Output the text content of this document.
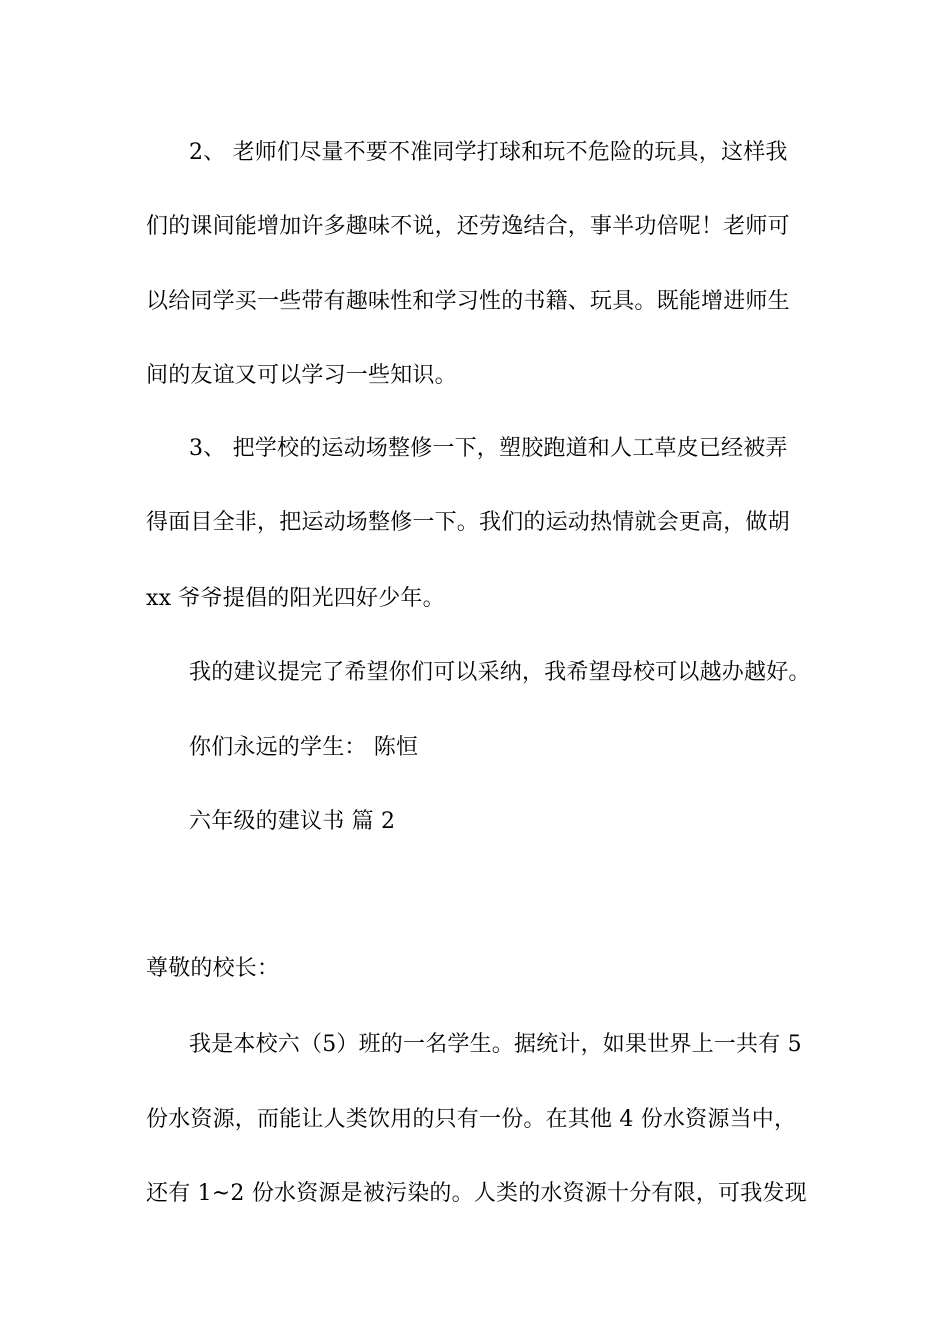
2、 老师们尽量不要不准同学打球和玩不危险的玩具，这样我
们的课间能增加许多趣味不说，还劳逸结合，事半功倍呢！老师可
以给同学买一些带有趣味性和学习性的书籍、玩具。既能增进师生
间的友谊又可以学习一些知识。
3、 把学校的运动场整修一下，塑胶跑道和人工草皮已经被弄
得面目全非，把运动场整修一下。我们的运动热情就会更高，做胡
xx 爷爷提倡的阳光四好少年。
我的建议提完了希望你们可以采纳，我希望母校可以越办越好。
你们永远的学生： 陈恒
六年级的建议书 篇 2
尊敬的校长：
我是本校六（5）班的一名学生。据统计，如果世界上一共有 5
份水资源，而能让人类饮用的只有一份。在其他 4 份水资源当中，
还有 1~2 份水资源是被污染的。人类的水资源十分有限，可我发现
